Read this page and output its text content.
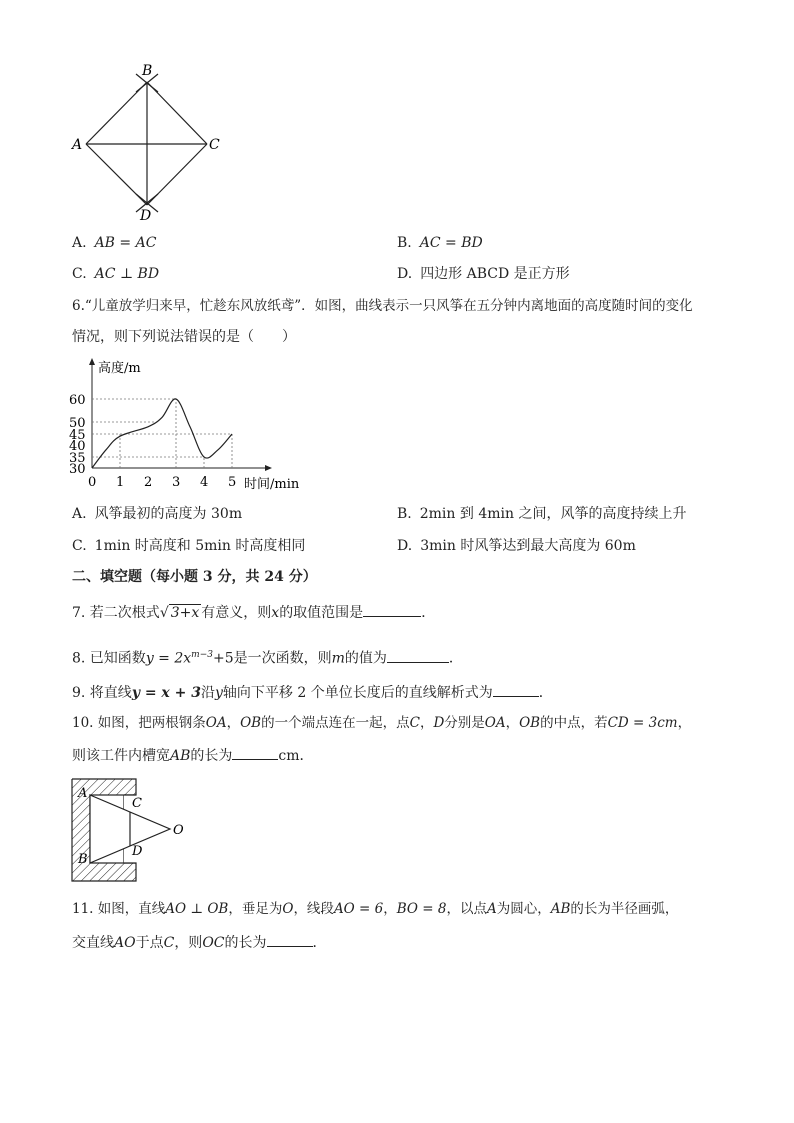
A
B
C
D
A. AB = AC	B. AC = BD
C. AC ⊥ BD	D. 四边形 ABCD 是正方形
6.“儿童放学归来早，忙趁东风放纸鸢”．如图，曲线表示一只风筝在五分钟内离地面的高度随时间的变化
情况，则下列说法错误的是（　　）
0 1 2 3 4 5
30
35
40
45
50
60
高度/m
时间/min
A. 风筝最初的高度为 30m	B. 2min 到 4min 之间，风筝的高度持续上升
C. 1min 时高度和 5min 时高度相同	D. 3min 时风筝达到最大高度为 60m
二、填空题（每小题 3 分，共 24 分）
7. 若二次根式√ 3+x 有意义，则x的取值范围是	．
8. 已知函数$y = 2x^{m-3}+5$是一次函数，则m的值为	．
9. 将直线y = x + 3沿y轴向下平移 2 个单位长度后的直线解析式为	．
10. 如图，把两根钢条OA，OB的一个端点连在一起，点C，D分别是OA，OB的中点，若CD = 3cm，
则该工件内槽宽AB的长为	cm．
A
B
C
D
O
11. 如图，直线AO ⊥ OB，垂足为O，线段AO = 6，BO = 8，以点A为圆心，AB的长为半径画弧，
交直线AO于点C，则OC的长为	．
